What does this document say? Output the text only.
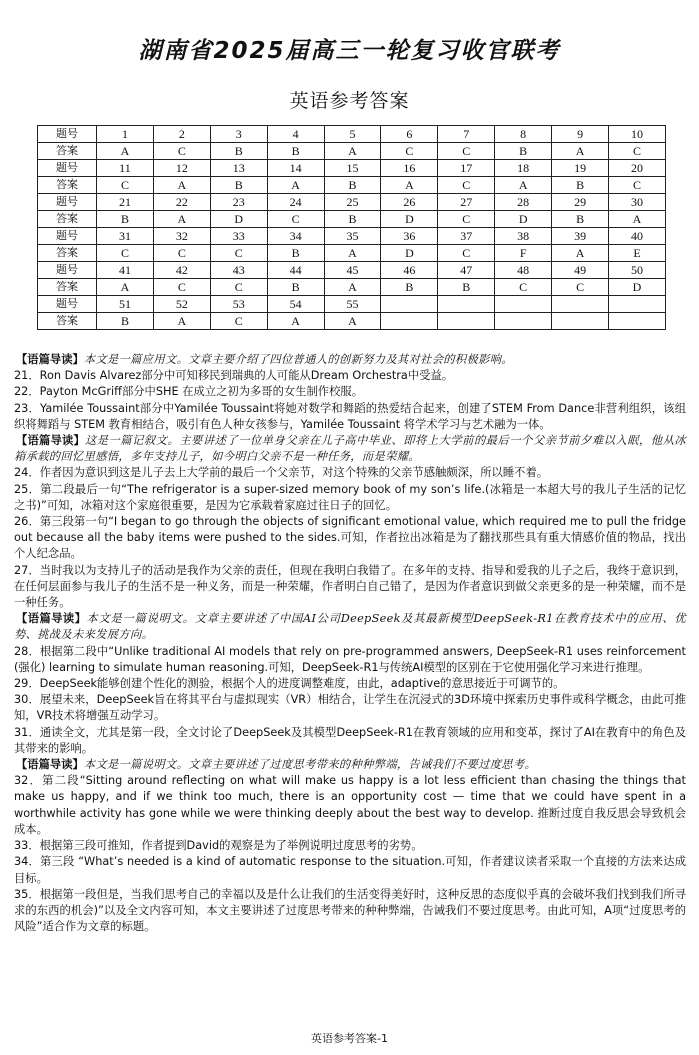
湖南省2025届高三一轮复习收官联考
英语参考答案
题号	1	2	3	4	5	6	7	8	9	10
答案	A	C	B	B	A	C	C	B	A	C
题号	11	12	13	14	15	16	17	18	19	20
答案	C	A	B	A	B	A	C	A	B	C
题号	21	22	23	24	25	26	27	28	29	30
答案	B	A	D	C	B	D	C	D	B	A
题号	31	32	33	34	35	36	37	38	39	40
答案	C	C	C	B	A	D	C	F	A	E
题号	41	42	43	44	45	46	47	48	49	50
答案	A	C	C	B	A	B	B	C	C	D
题号	51	52	53	54	55					
答案	B	A	C	A	A					

【语篇导读】本文是一篇应用文。文章主要介绍了四位普通人的创新努力及其对社会的积极影响。

21．Ron Davis Alvarez部分中可知移民到瑞典的人可能从Dream Orchestra中受益。

22．Payton McGriff部分中SHE 在成立之初为多哥的女生制作校服。

23．Yamilée Toussaint部分中Yamilée Toussaint将她对数学和舞蹈的热爱结合起来，创建了STEM From Dance非营利组织，该组织将舞蹈与 STEM 教育相结合，吸引有色人种女孩参与，Yamilée Toussaint 将学术学习与艺术融为一体。

【语篇导读】这是一篇记叙文。主要讲述了一位单身父亲在儿子高中毕业、即将上大学前的最后一个父亲节前夕难以入眠，他从冰箱承载的回忆里感悟，多年支持儿子，如今明白父亲不是一种任务，而是荣耀。

24．作者因为意识到这是儿子去上大学前的最后一个父亲节，对这个特殊的父亲节感触颇深，所以睡不着。

25．第二段最后一句“The refrigerator is a super-sized memory book of my son’s life.(冰箱是一本超大号的我儿子生活的记忆之书)”可知，冰箱对这个家庭很重要，是因为它承载着家庭过往日子的回忆。

26．第三段第一句“I began to go through the objects of significant emotional value, which required me to pull the fridge out because all the baby items were pushed to the sides.可知，作者拉出冰箱是为了翻找那些具有重大情感价值的物品，找出个人纪念品。

27．当时我以为支持儿子的活动是我作为父亲的责任，但现在我明白我错了。在多年的支持、指导和爱我的儿子之后，我终于意识到，在任何层面参与我儿子的生活不是一种义务，而是一种荣耀，作者明白自己错了，是因为作者意识到做父亲更多的是一种荣耀，而不是一种任务。

【语篇导读】本文是一篇说明文。文章主要讲述了中国AI公司DeepSeek及其最新模型DeepSeek-R1在教育技术中的应用、优势、挑战及未来发展方向。

28．根据第二段中“Unlike traditional AI models that rely on pre-programmed answers, DeepSeek-R1 uses reinforcement (强化) learning to simulate human reasoning.可知，DeepSeek-R1与传统AI模型的区别在于它使用强化学习来进行推理。

29．DeepSeek能够创建个性化的测验，根据个人的进度调整难度，由此，adaptive的意思接近于可调节的。

30．展望未来，DeepSeek旨在将其平台与虚拟现实（VR）相结合，让学生在沉浸式的3D环境中探索历史事件或科学概念，由此可推知，VR技术将增强互动学习。

31．通读全文，尤其是第一段，全文讨论了DeepSeek及其模型DeepSeek-R1在教育领域的应用和变革，探讨了AI在教育中的角色及其带来的影响。

【语篇导读】本文是一篇说明文。文章主要讲述了过度思考带来的种种弊端，告诫我们不要过度思考。

32．第二段“Sitting around reflecting on what will make us happy is a lot less efficient than chasing the things that make us happy, and if we think too much, there is an opportunity cost — time that we could have spent in a worthwhile activity has gone while we were thinking deeply about the best way to develop. 推断过度自我反思会导致机会成本。

33．根据第三段可推知，作者提到David的观察是为了举例说明过度思考的劣势。

34．第三段 “What’s needed is a kind of automatic response to the situation.可知，作者建议读者采取一个直接的方法来达成目标。

35．根据第一段但是，当我们思考自己的幸福以及是什么让我们的生活变得美好时，这种反思的态度似乎真的会破坏我们找到我们所寻求的东西的机会)”以及全文内容可知，本文主要讲述了过度思考带来的种种弊端，告诫我们不要过度思考。由此可知，A项“过度思考的风险”适合作为文章的标题。

英语参考答案-1
